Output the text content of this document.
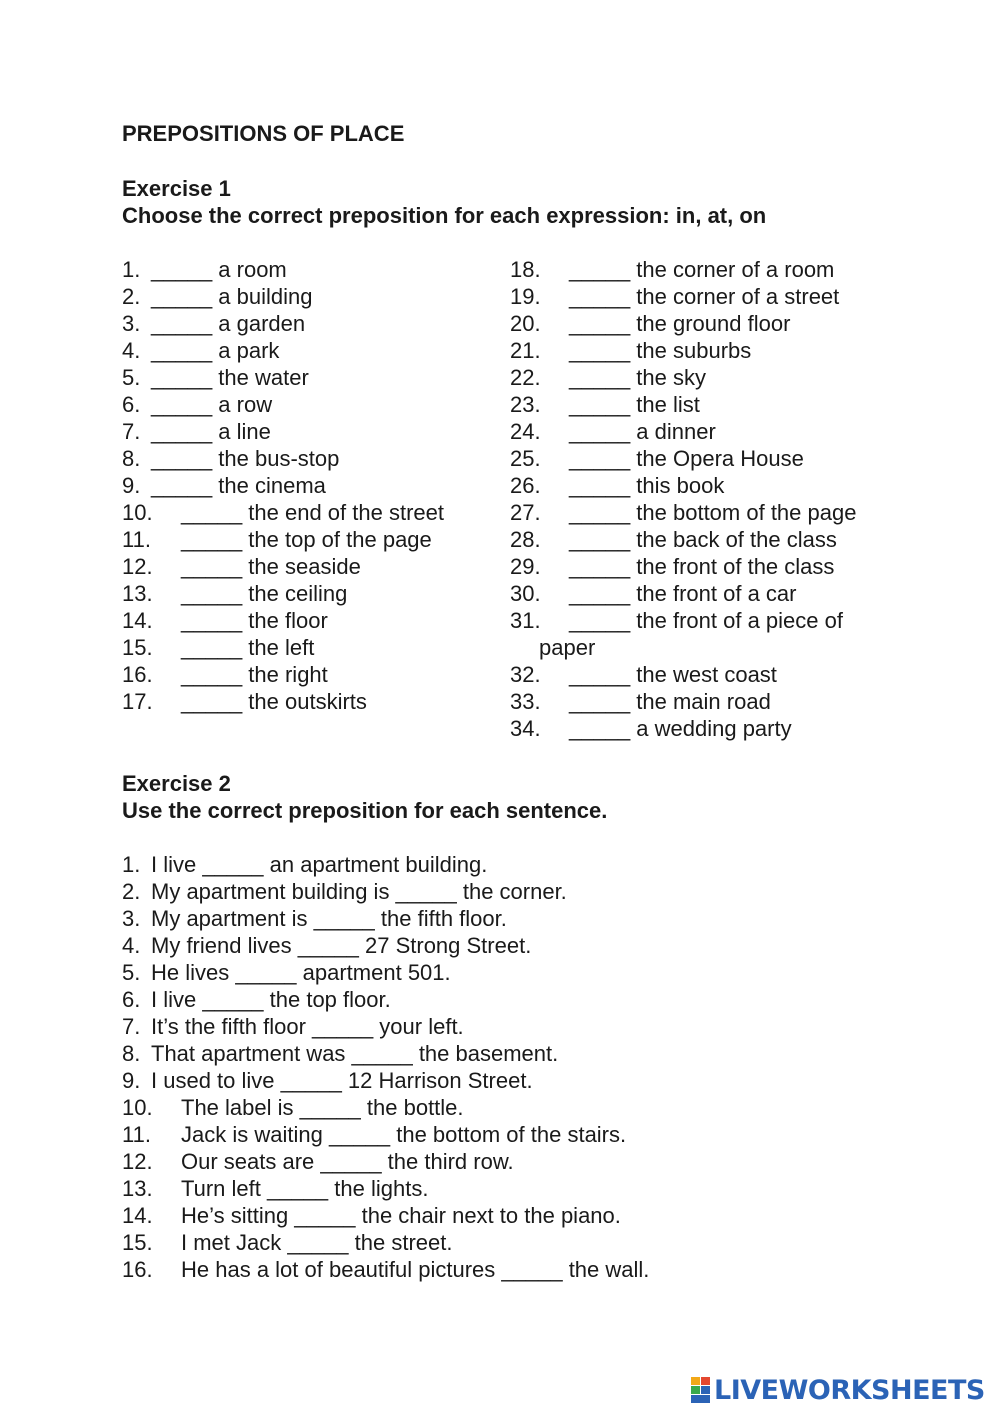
PREPOSITIONS OF PLACE
Exercise 1
Choose the correct preposition for each expression: in, at, on
1. _____ a room
2. _____ a building
3. _____ a garden
4. _____ a park
5. _____ the water
6. _____ a row
7. _____ a line
8. _____ the bus-stop
9. _____ the cinema
10. _____ the end of the street
11. _____ the top of the page
12. _____ the seaside
13. _____ the ceiling
14. _____ the floor
15. _____ the left
16. _____ the right
17. _____ the outskirts
18. _____ the corner of a room
19. _____ the corner of a street
20. _____ the ground floor
21. _____ the suburbs
22. _____ the sky
23. _____ the list
24. _____ a dinner
25. _____ the Opera House
26. _____ this book
27. _____ the bottom of the page
28. _____ the back of the class
29. _____ the front of the class
30. _____ the front of a car
31. _____ the front of a piece of
paper
32. _____ the west coast
33. _____ the main road
34. _____ a wedding party
Exercise 2
Use the correct preposition for each sentence.
1. I live _____ an apartment building.
2. My apartment building is _____ the corner.
3. My apartment is _____ the fifth floor.
4. My friend lives _____ 27 Strong Street.
5. He lives _____ apartment 501.
6. I live _____ the top floor.
7. It’s the fifth floor _____ your left.
8. That apartment was _____ the basement.
9. I used to live _____ 12 Harrison Street.
10. The label is _____ the bottle.
11. Jack is waiting _____ the bottom of the stairs.
12. Our seats are _____ the third row.
13. Turn left _____ the lights.
14. He’s sitting _____ the chair next to the piano.
15. I met Jack _____ the street.
16. He has a lot of beautiful pictures _____ the wall.
LIVEWORKSHEETS
